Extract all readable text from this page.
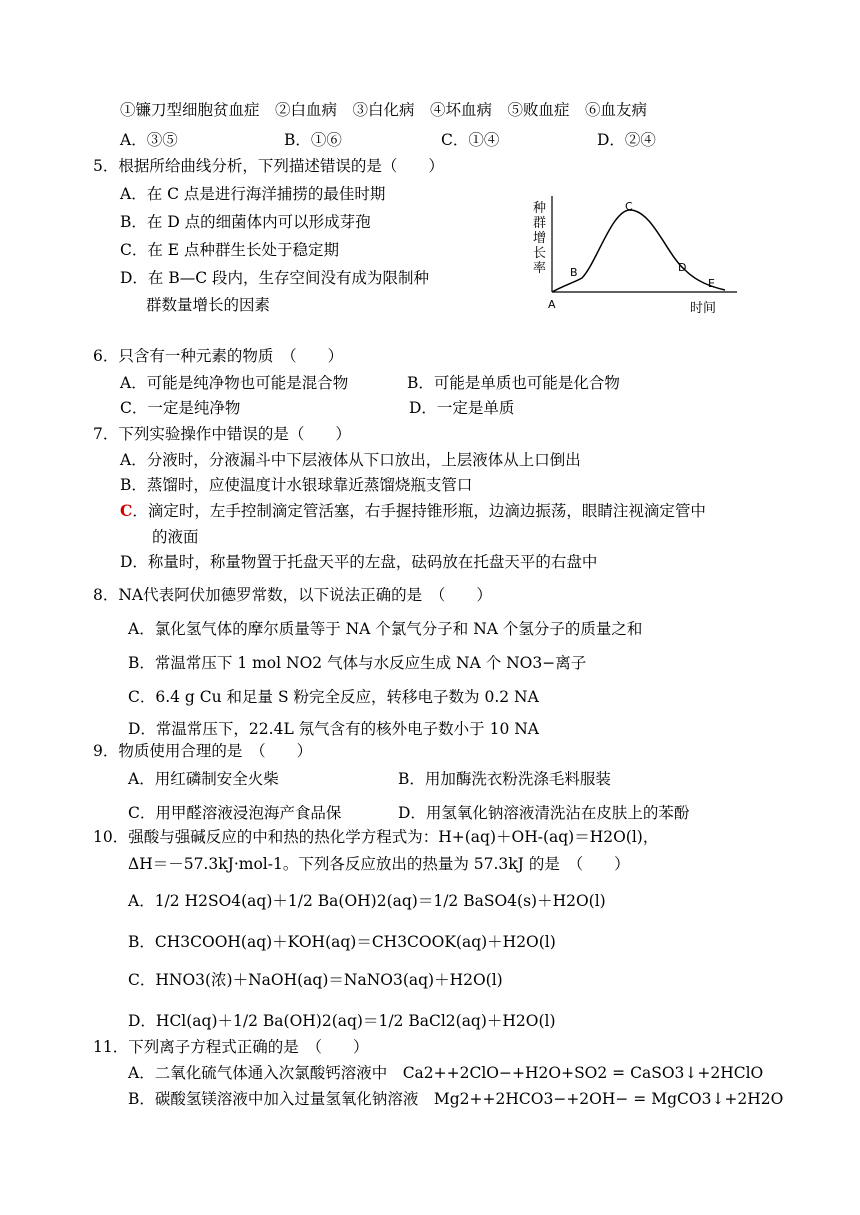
①镰刀型细胞贫血症　②白血病　③白化病　④坏血病　⑤败血症　⑥血友病
A．③⑤	B．①⑥	C．①④	D．②④
5．根据所给曲线分析，下列描述错误的是（　　）
A．在 C 点是进行海洋捕捞的最佳时期
B．在 D 点的细菌体内可以形成芽孢
C．在 E 点种群生长处于稳定期
D．在 B—C 段内，生存空间没有成为限制种
群数量增长的因素
种
群
增
长
率
时间
A
B
C
D
E
6．只含有一种元素的物质　（　　）
A．可能是纯净物也可能是混合物	B．可能是单质也可能是化合物
C．一定是纯净物	D．一定是单质
7．下列实验操作中错误的是（　　）
A．分液时，分液漏斗中下层液体从下口放出，上层液体从上口倒出
B．蒸馏时，应使温度计水银球靠近蒸馏烧瓶支管口
C．滴定时，左手控制滴定管活塞，右手握持锥形瓶，边滴边振荡，眼睛注视滴定管中
的液面
D．称量时，称量物置于托盘天平的左盘，砝码放在托盘天平的右盘中
8．NA代表阿伏加德罗常数，以下说法正确的是　（　　）
A．氯化氢气体的摩尔质量等于 NA 个氯气分子和 NA 个氢分子的质量之和
B．常温常压下 1 mol NO2 气体与水反应生成 NA 个 NO3−离子
C．6.4 g Cu 和足量 S 粉完全反应，转移电子数为 0.2 NA
D．常温常压下，22.4L 氖气含有的核外电子数小于 10 NA
9．物质使用合理的是　（　　）
A．用红磷制安全火柴	B．用加酶洗衣粉洗涤毛料服装
C．用甲醛溶液浸泡海产食品保	D．用氢氧化钠溶液清洗沾在皮肤上的苯酚
10．强酸与强碱反应的中和热的热化学方程式为：H+(aq)＋OH-(aq)＝H2O(l)，
ΔH＝－57.3kJ·mol-1。下列各反应放出的热量为 57.3kJ 的是　（　　）
A．1/2 H2SO4(aq)＋1/2 Ba(OH)2(aq)＝1/2 BaSO4(s)＋H2O(l)
B．CH3COOH(aq)＋KOH(aq)＝CH3COOK(aq)＋H2O(l)
C．HNO3(浓)＋NaOH(aq)＝NaNO3(aq)＋H2O(l)
D．HCl(aq)＋1/2 Ba(OH)2(aq)＝1/2 BaCl2(aq)＋H2O(l)
11．下列离子方程式正确的是　（　　）
A．二氧化硫气体通入次氯酸钙溶液中　Ca2++2ClO−+H2O+SO2 = CaSO3↓+2HClO
B．碳酸氢镁溶液中加入过量氢氧化钠溶液　Mg2++2HCO3−+2OH− = MgCO3↓+2H2O
